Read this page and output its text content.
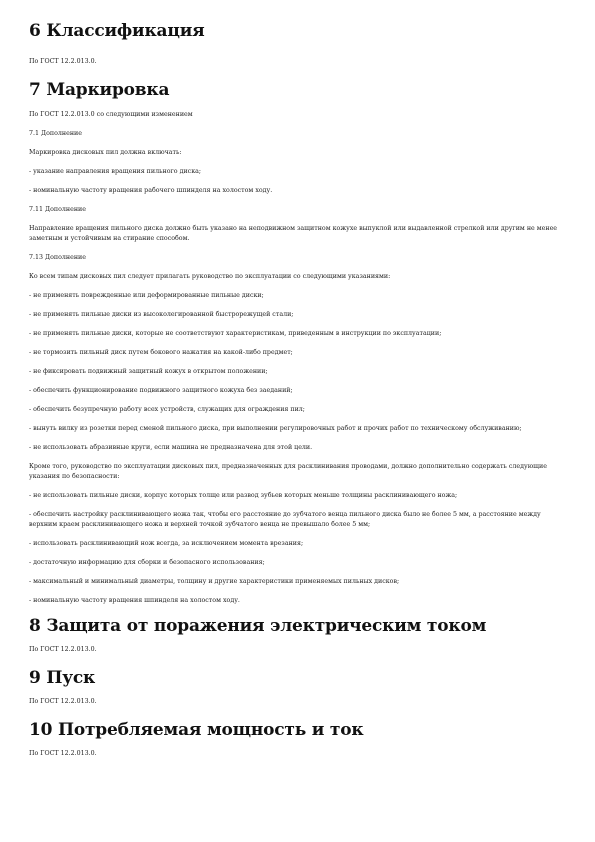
6 Классификация

По ГОСТ 12.2.013.0.

7 Маркировка

По ГОСТ 12.2.013.0 со следующими изменением

7.1 Дополнение

Маркировка дисковых пил должна включать:

- указание направления вращения пильного диска;

- номинальную частоту вращения рабочего шпинделя на холостом ходу.

7.11 Дополнение

Направление вращения пильного диска должно быть указано на неподвижном защитном кожухе выпуклой или выдавленной стрелкой или другим не менее заметным и устойчивым на стирание способом.

7.13 Дополнение

Ко всем типам дисковых пил следует прилагать руководство по эксплуатации со следующими указаниями:

- не применять поврежденные или деформированные пильные диски;

- не применять пильные диски из высоколегированной быстрорежущей стали;

- не применять пильные диски, которые не соответствуют характеристикам, приведенным в инструкции по эксплуатации;

- не тормозить пильный диск путем бокового нажатия на какой-либо предмет;

- не фиксировать подвижный защитный кожух в открытом положении;

- обеспечить функционирование подвижного защитного кожуха без заеданий;

- обеспечить безупречную работу всех устройств, служащих для ограждения пил;

- вынуть вилку из розетки перед сменой пильного диска, при выполнении регулировочных работ и прочих работ по техническому обслуживанию;

- не использовать абразивные круги, если машина не предназначена для этой цели.

Кроме того, руководство по эксплуатации дисковых пил, предназначенных для расклинивания проводами, должно дополнительно содержать следующие указания по безопасности:

- не использовать пильные диски, корпус которых толще или развод зубьев которых меньше толщины расклинивающего ножа;

- обеспечить настройку расклинивающего ножа так, чтобы его расстояние до зубчатого венца пильного диска было не более 5 мм, а расстояние между верхним краем расклинивающего ножа и верхней точкой зубчатого венца не превышало более 5 мм;

- использовать расклинивающий нож всегда, за исключением момента врезания;

- достаточную информацию для сборки и безопасного использования;

- максимальный и минимальный диаметры, толщину и другие характеристики применяемых пильных дисков;

- номинальную частоту вращения шпинделя на холостом ходу.

8 Защита от поражения электрическим током

По ГОСТ 12.2.013.0.

9 Пуск

По ГОСТ 12.2.013.0.

10 Потребляемая мощность и ток

По ГОСТ 12.2.013.0.
